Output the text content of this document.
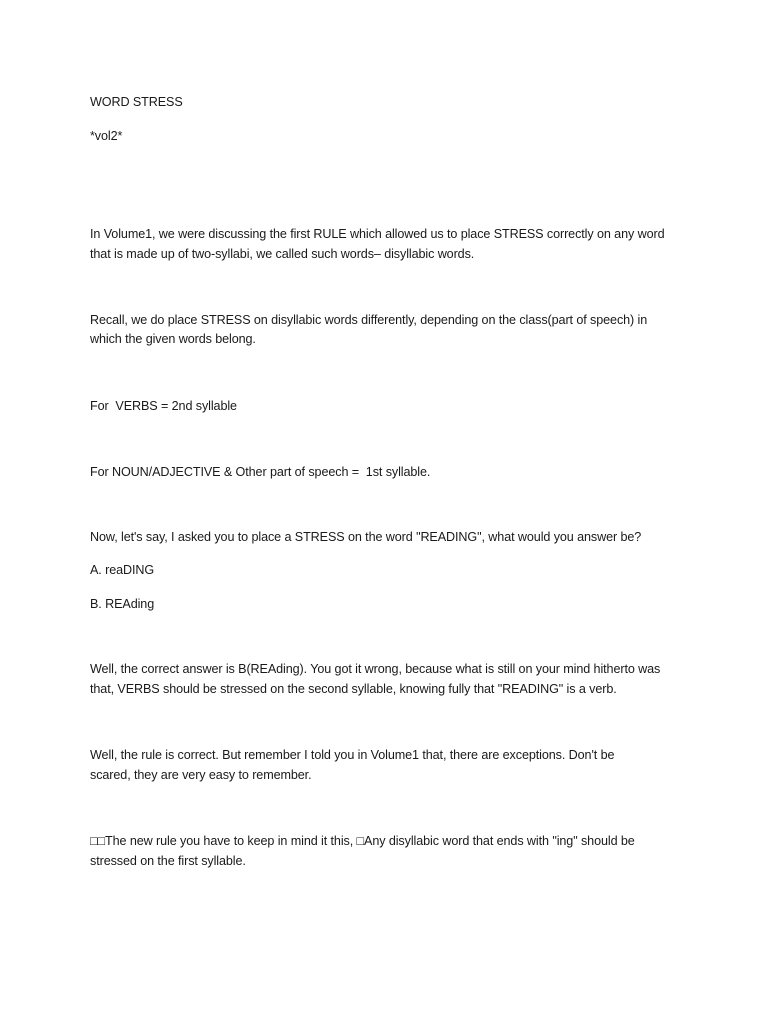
WORD STRESS
*vol2*
In Volume1, we were discussing the first RULE which allowed us to place STRESS correctly on any word
that is made up of two-syllabi, we called such words– disyllabic words.
Recall, we do place STRESS on disyllabic words differently, depending on the class(part of speech) in
which the given words belong.
For  VERBS = 2nd syllable
For NOUN/ADJECTIVE & Other part of speech =  1st syllable.
Now, let's say, I asked you to place a STRESS on the word "READING", what would you answer be?
A. reaDING
B. REAding
Well, the correct answer is B(REAding). You got it wrong, because what is still on your mind hitherto was
that, VERBS should be stressed on the second syllable, knowing fully that "READING" is a verb.
Well, the rule is correct. But remember I told you in Volume1 that, there are exceptions. Don't be
scared, they are very easy to remember.
□□The new rule you have to keep in mind it this, □Any disyllabic word that ends with "ing" should be
stressed on the first syllable.
